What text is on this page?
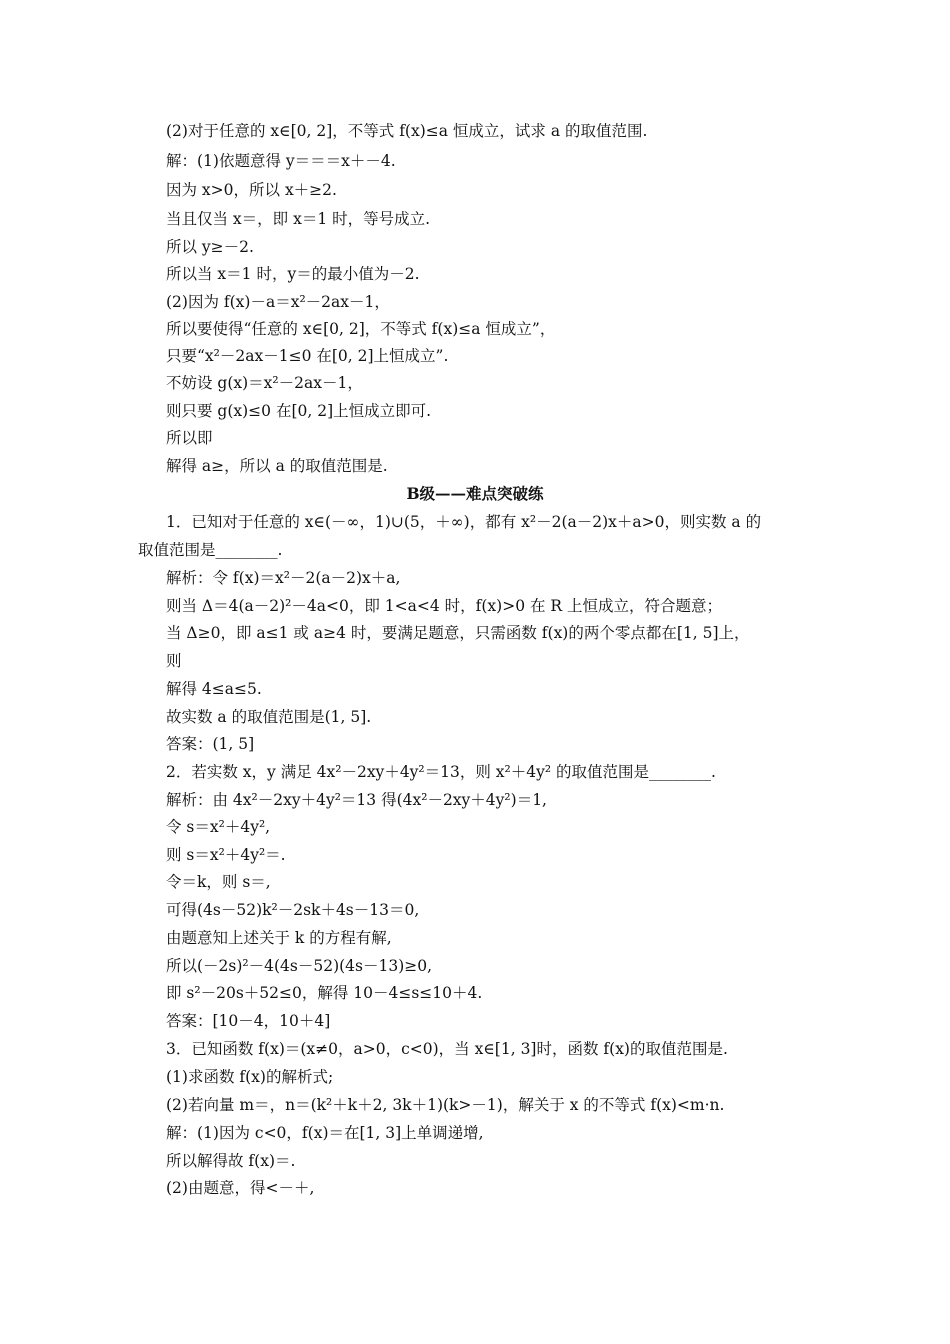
(2)对于任意的 x∈[0, 2]，不等式 f(x)≤a 恒成立，试求 a 的取值范围.
解：(1)依题意得 y＝＝＝x＋－4.
因为 x>0，所以 x＋≥2.
当且仅当 x＝，即 x＝1 时，等号成立.
所以 y≥－2.
所以当 x＝1 时，y＝的最小值为－2.
(2)因为 f(x)－a＝x²－2ax－1，
所以要使得“任意的 x∈[0, 2]，不等式 f(x)≤a 恒成立”，
只要“x²－2ax－1≤0 在[0, 2]上恒成立”.
不妨设 g(x)＝x²－2ax－1，
则只要 g(x)≤0 在[0, 2]上恒成立即可.
所以即
解得 a≥，所以 a 的取值范围是.
B级——难点突破练
1．已知对于任意的 x∈(－∞，1)∪(5，＋∞)，都有 x²－2(a－2)x＋a>0，则实数 a 的
取值范围是________.
解析：令 f(x)＝x²－2(a－2)x＋a,
则当 Δ＝4(a－2)²－4a<0，即 1<a<4 时，f(x)>0 在 R 上恒成立，符合题意；
当 Δ≥0，即 a≤1 或 a≥4 时，要满足题意，只需函数 f(x)的两个零点都在[1, 5]上，
则
解得 4≤a≤5.
故实数 a 的取值范围是(1, 5].
答案：(1, 5]
2．若实数 x，y 满足 4x²－2xy＋4y²＝13，则 x²＋4y² 的取值范围是________.
解析：由 4x²－2xy＋4y²＝13 得(4x²－2xy＋4y²)＝1,
令 s＝x²＋4y²,
则 s＝x²＋4y²＝.
令＝k，则 s＝,
可得(4s－52)k²－2sk＋4s－13＝0,
由题意知上述关于 k 的方程有解,
所以(－2s)²－4(4s－52)(4s－13)≥0,
即 s²－20s＋52≤0，解得 10－4≤s≤10＋4.
答案：[10－4，10＋4]
3．已知函数 f(x)＝(x≠0，a>0，c<0)，当 x∈[1, 3]时，函数 f(x)的取值范围是.
(1)求函数 f(x)的解析式;
(2)若向量 m＝，n＝(k²＋k＋2, 3k＋1)(k>－1)，解关于 x 的不等式 f(x)<m·n.
解：(1)因为 c<0，f(x)＝在[1, 3]上单调递增,
所以解得故 f(x)＝.
(2)由题意，得<－＋,
